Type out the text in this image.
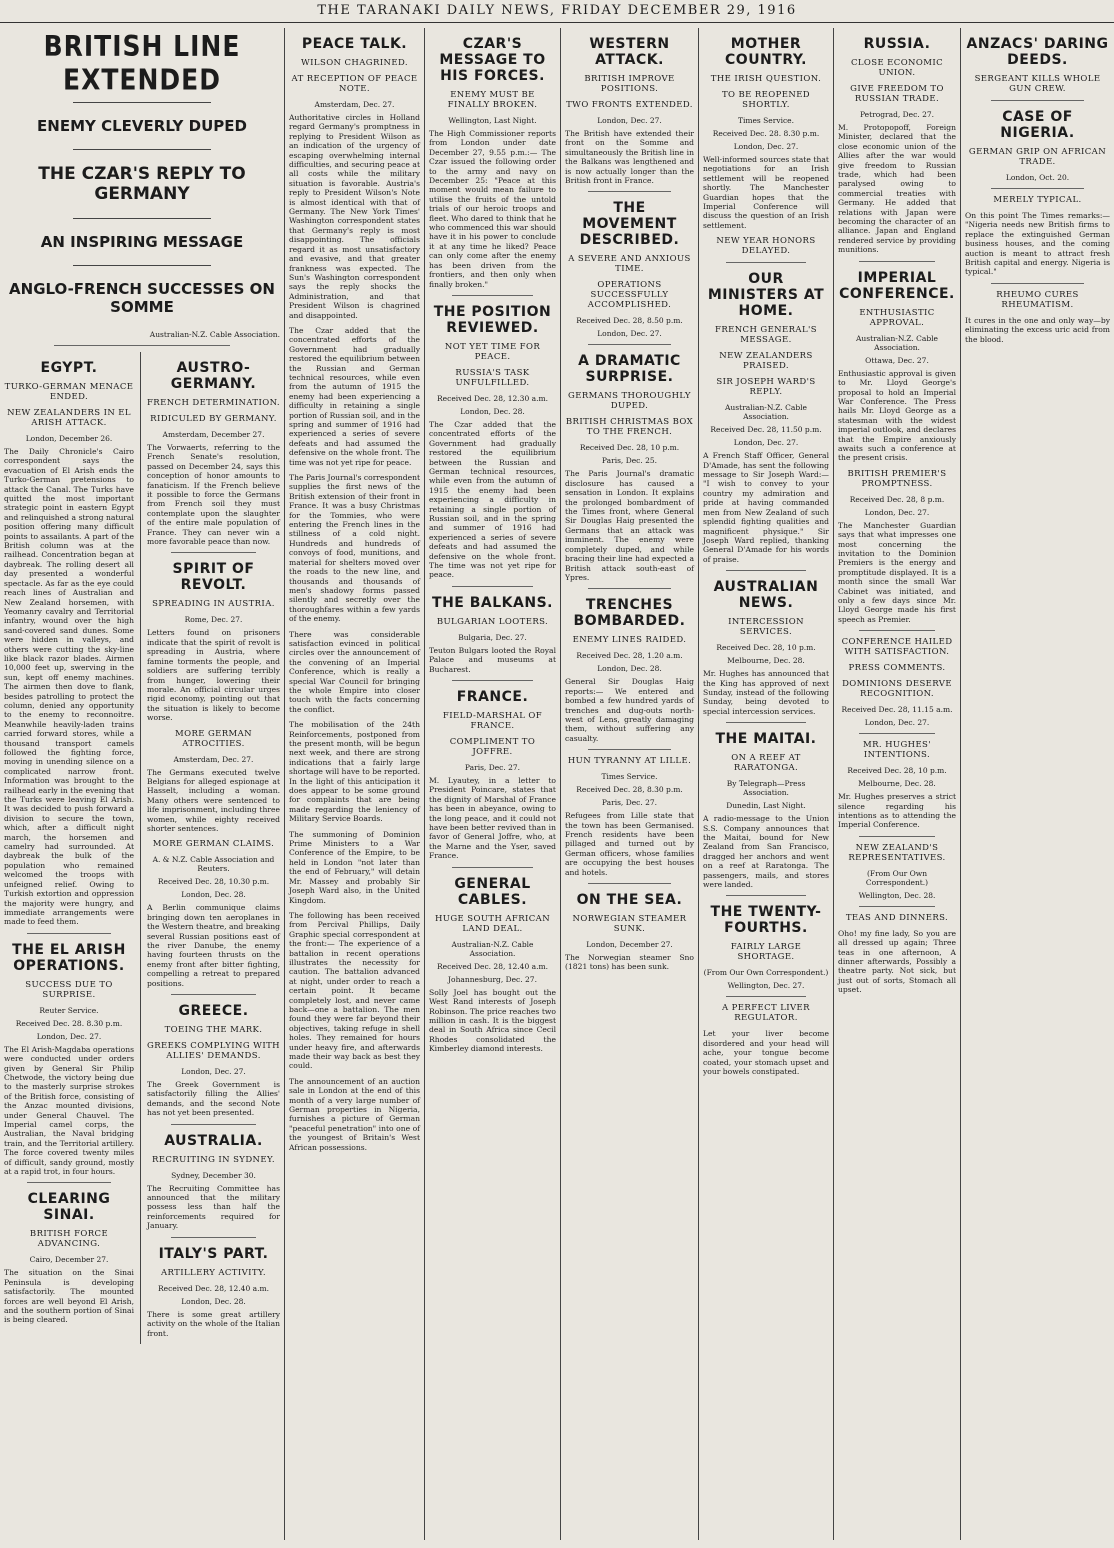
THE TARANAKI DAILY NEWS, FRIDAY DECEMBER 29, 1916
BRITISH LINE EXTENDED
ENEMY CLEVERLY DUPED
THE CZAR'S REPLY TO GERMANY
AN INSPIRING MESSAGE
ANGLO-FRENCH SUCCESSES ON SOMME
Australian-N.Z. Cable Association.
EGYPT.
TURKO-GERMAN MENACE ENDED.
NEW ZEALANDERS IN EL ARISH ATTACK.
London, December 26.
The Daily Chronicle's Cairo correspondent says the evacuation of El Arish ends the Turko-German pretensions to attack the Canal. The Turks have quitted the most important strategic point in eastern Egypt and relinquished a strong natural position offering many difficult points to assailants. A part of the British column was at the railhead. Concentration began at daybreak. The rolling desert all day presented a wonderful spectacle. As far as the eye could reach lines of Australian and New Zealand horsemen, with Yeomanry cavalry and Territorial infantry, wound over the high sand-covered sand dunes. Some were hidden in valleys, and others were cutting the sky-line like black razor blades. Airmen 10,000 feet up, swerving in the sun, kept off enemy machines. The airmen then dove to flank, besides patrolling to protect the column, denied any opportunity to the enemy to reconnoitre. Meanwhile heavily-laden trains carried forward stores, while a thousand transport camels followed the fighting force, moving in unending silence on a complicated narrow front. Information was brought to the railhead early in the evening that the Turks were leaving El Arish. It was decided to push forward a division to secure the town, which, after a difficult night march, the horsemen and camelry had surrounded. At daybreak the bulk of the population who remained welcomed the troops with unfeigned relief. Owing to Turkish extortion and oppression the majority were hungry, and immediate arrangements were made to feed them.
THE EL ARISH OPERATIONS.
SUCCESS DUE TO SURPRISE.
Reuter Service.
Received Dec. 28. 8.30 p.m.
London, Dec. 27.
The El Arish-Magdaba operations were conducted under orders given by General Sir Philip Chetwode, the victory being due to the masterly surprise strokes of the British force, consisting of the Anzac mounted divisions, under General Chauvel. The Imperial camel corps, the Australian, the Naval bridging train, and the Territorial artillery. The force covered twenty miles of difficult, sandy ground, mostly at a rapid trot, in four hours.
CLEARING SINAI.
BRITISH FORCE ADVANCING.
Cairo, December 27.
The situation on the Sinai Peninsula is developing satisfactorily. The mounted forces are well beyond El Arish, and the southern portion of Sinai is being cleared.
AUSTRO-GERMANY.
FRENCH DETERMINATION.
RIDICULED BY GERMANY.
Amsterdam, December 27.
The Vorwaerts, referring to the French Senate's resolution, passed on December 24, says this conception of honor amounts to fanaticism. If the French believe it possible to force the Germans from French soil they must contemplate upon the slaughter of the entire male population of France. They can never win a more favorable peace than now.
SPIRIT OF REVOLT.
SPREADING IN AUSTRIA.
Rome, Dec. 27.
Letters found on prisoners indicate that the spirit of revolt is spreading in Austria, where famine torments the people, and soldiers are suffering terribly from hunger, lowering their morale. An official circular urges rigid economy, pointing out that the situation is likely to become worse.
MORE GERMAN ATROCITIES.
Amsterdam, Dec. 27.
The Germans executed twelve Belgians for alleged espionage at Hasselt, including a woman. Many others were sentenced to life imprisonment, including three women, while eighty received shorter sentences.
MORE GERMAN CLAIMS.
A. & N.Z. Cable Association and Reuters.
Received Dec. 28, 10.30 p.m.
London, Dec. 28.
A Berlin communique claims bringing down ten aeroplanes in the Western theatre, and breaking several Russian positions east of the river Danube, the enemy having fourteen thrusts on the enemy front after bitter fighting, compelling a retreat to prepared positions.
GREECE.
TOEING THE MARK.
GREEKS COMPLYING WITH ALLIES' DEMANDS.
London, Dec. 27.
The Greek Government is satisfactorily filling the Allies' demands, and the second Note has not yet been presented.
AUSTRALIA.
RECRUITING IN SYDNEY.
Sydney, December 30.
The Recruiting Committee has announced that the military possess less than half the reinforcements required for January.
ITALY'S PART.
ARTILLERY ACTIVITY.
Received Dec. 28, 12.40 a.m.
London, Dec. 28.
There is some great artillery activity on the whole of the Italian front.
PEACE TALK.
WILSON CHAGRINED.
AT RECEPTION OF PEACE NOTE.
Amsterdam, Dec. 27.
Authoritative circles in Holland regard Germany's promptness in replying to President Wilson as an indication of the urgency of escaping overwhelming internal difficulties, and securing peace at all costs while the military situation is favorable. Austria's reply to President Wilson's Note is almost identical with that of Germany. The New York Times' Washington correspondent states that Germany's reply is most disappointing. The officials regard it as most unsatisfactory and evasive, and that greater frankness was expected. The Sun's Washington correspondent says the reply shocks the Administration, and that President Wilson is chagrined and disappointed.
The Czar added that the concentrated efforts of the Government had gradually restored the equilibrium between the Russian and German technical resources, while even from the autumn of 1915 the enemy had been experiencing a difficulty in retaining a single portion of Russian soil, and in the spring and summer of 1916 had experienced a series of severe defeats and had assumed the defensive on the whole front. The time was not yet ripe for peace.
The Paris Journal's correspondent supplies the first news of the British extension of their front in France. It was a busy Christmas for the Tommies, who were entering the French lines in the stillness of a cold night. Hundreds and hundreds of convoys of food, munitions, and material for shelters moved over the roads to the new line, and thousands and thousands of men's shadowy forms passed silently and secretly over the thoroughfares within a few yards of the enemy.
There was considerable satisfaction evinced in political circles over the announcement of the convening of an Imperial Conference, which is really a special War Council for bringing the whole Empire into closer touch with the facts concerning the conflict.
The mobilisation of the 24th Reinforcements, postponed from the present month, will be begun next week, and there are strong indications that a fairly large shortage will have to be reported. In the light of this anticipation it does appear to be some ground for complaints that are being made regarding the leniency of Military Service Boards.
The summoning of Dominion Prime Ministers to a War Conference of the Empire, to be held in London "not later than the end of February," will detain Mr. Massey and probably Sir Joseph Ward also, in the United Kingdom.
The following has been received from Percival Phillips, Daily Graphic special correspondent at the front:— The experience of a battalion in recent operations illustrates the necessity for caution. The battalion advanced at night, under order to reach a certain point. It became completely lost, and never came back—one a battalion. The men found they were far beyond their objectives, taking refuge in shell holes. They remained for hours under heavy fire, and afterwards made their way back as best they could.
The announcement of an auction sale in London at the end of this month of a very large number of German properties in Nigeria, furnishes a picture of German "peaceful penetration" into one of the youngest of Britain's West African possessions.
CZAR'S MESSAGE TO HIS FORCES.
ENEMY MUST BE FINALLY BROKEN.
Wellington, Last Night.
The High Commissioner reports from London under date December 27, 9.55 p.m.:— The Czar issued the following order to the army and navy on December 25: "Peace at this moment would mean failure to utilise the fruits of the untold trials of our heroic troops and fleet. Who dared to think that he who commenced this war should have it in his power to conclude it at any time he liked? Peace can only come after the enemy has been driven from the frontiers, and then only when finally broken."
THE POSITION REVIEWED.
NOT YET TIME FOR PEACE.
RUSSIA'S TASK UNFULFILLED.
Received Dec. 28, 12.30 a.m.
London, Dec. 28.
The Czar added that the concentrated efforts of the Government had gradually restored the equilibrium between the Russian and German technical resources, while even from the autumn of 1915 the enemy had been experiencing a difficulty in retaining a single portion of Russian soil, and in the spring and summer of 1916 had experienced a series of severe defeats and had assumed the defensive on the whole front. The time was not yet ripe for peace.
THE BALKANS.
BULGARIAN LOOTERS.
Bulgaria, Dec. 27.
Teuton Bulgars looted the Royal Palace and museums at Bucharest.
FRANCE.
FIELD-MARSHAL OF FRANCE.
COMPLIMENT TO JOFFRE.
Paris, Dec. 27.
M. Lyautey, in a letter to President Poincare, states that the dignity of Marshal of France has been in abeyance, owing to the long peace, and it could not have been better revived than in favor of General Joffre, who, at the Marne and the Yser, saved France.
GENERAL CABLES.
HUGE SOUTH AFRICAN LAND DEAL.
Australian-N.Z. Cable Association.
Received Dec. 28, 12.40 a.m.
Johannesburg, Dec. 27.
Solly Joel has bought out the West Rand interests of Joseph Robinson. The price reaches two million in cash. It is the biggest deal in South Africa since Cecil Rhodes consolidated the Kimberley diamond interests.
WESTERN ATTACK.
BRITISH IMPROVE POSITIONS.
TWO FRONTS EXTENDED.
London, Dec. 27.
The British have extended their front on the Somme and simultaneously the British line in the Balkans was lengthened and is now actually longer than the British front in France.
THE MOVEMENT DESCRIBED.
A SEVERE AND ANXIOUS TIME.
OPERATIONS SUCCESSFULLY ACCOMPLISHED.
Received Dec. 28, 8.50 p.m.
London, Dec. 27.
A DRAMATIC SURPRISE.
GERMANS THOROUGHLY DUPED.
BRITISH CHRISTMAS BOX TO THE FRENCH.
Received Dec. 28, 10 p.m.
Paris, Dec. 25.
The Paris Journal's dramatic disclosure has caused a sensation in London. It explains the prolonged bombardment of the Times front, where General Sir Douglas Haig presented the Germans that an attack was imminent. The enemy were completely duped, and while bracing their line had expected a British attack south-east of Ypres.
TRENCHES BOMBARDED.
ENEMY LINES RAIDED.
Received Dec. 28, 1.20 a.m.
London, Dec. 28.
General Sir Douglas Haig reports:— We entered and bombed a few hundred yards of trenches and dug-outs north-west of Lens, greatly damaging them, without suffering any casualty.
HUN TYRANNY AT LILLE.
Times Service.
Received Dec. 28, 8.30 p.m.
Paris, Dec. 27.
Refugees from Lille state that the town has been Germanised. French residents have been pillaged and turned out by German officers, whose families are occupying the best houses and hotels.
ON THE SEA.
NORWEGIAN STEAMER SUNK.
London, December 27.
The Norwegian steamer Sno (1821 tons) has been sunk.
MOTHER COUNTRY.
THE IRISH QUESTION.
TO BE REOPENED SHORTLY.
Times Service.
Received Dec. 28. 8.30 p.m.
London, Dec. 27.
Well-informed sources state that negotiations for an Irish settlement will be reopened shortly. The Manchester Guardian hopes that the Imperial Conference will discuss the question of an Irish settlement.
NEW YEAR HONORS DELAYED.
OUR MINISTERS AT HOME.
FRENCH GENERAL'S MESSAGE.
NEW ZEALANDERS PRAISED.
SIR JOSEPH WARD'S REPLY.
Australian-N.Z. Cable Association.
Received Dec. 28, 11.50 p.m.
London, Dec. 27.
A French Staff Officer, General D'Amade, has sent the following message to Sir Joseph Ward:— "I wish to convey to your country my admiration and pride at having commanded men from New Zealand of such splendid fighting qualities and magnificent physique." Sir Joseph Ward replied, thanking General D'Amade for his words of praise.
AUSTRALIAN NEWS.
INTERCESSION SERVICES.
Received Dec. 28, 10 p.m.
Melbourne, Dec. 28.
Mr. Hughes has announced that the King has approved of next Sunday, instead of the following Sunday, being devoted to special intercession services.
THE MAITAI.
ON A REEF AT RARATONGA.
By Telegraph—Press Association.
Dunedin, Last Night.
A radio-message to the Union S.S. Company announces that the Maitai, bound for New Zealand from San Francisco, dragged her anchors and went on a reef at Raratonga. The passengers, mails, and stores were landed.
THE TWENTY-FOURTHS.
FAIRLY LARGE SHORTAGE.
(From Our Own Correspondent.)
Wellington, Dec. 27.
A PERFECT LIVER REGULATOR.
Let your liver become disordered and your head will ache, your tongue become coated, your stomach upset and your bowels constipated.
RUSSIA.
CLOSE ECONOMIC UNION.
GIVE FREEDOM TO RUSSIAN TRADE.
Petrograd, Dec. 27.
M. Protopopoff, Foreign Minister, declared that the close economic union of the Allies after the war would give freedom to Russian trade, which had been paralysed owing to commercial treaties with Germany. He added that relations with Japan were becoming the character of an alliance. Japan and England rendered service by providing munitions.
IMPERIAL CONFERENCE.
ENTHUSIASTIC APPROVAL.
Australian-N.Z. Cable Association.
Ottawa, Dec. 27.
Enthusiastic approval is given to Mr. Lloyd George's proposal to hold an Imperial War Conference. The Press hails Mr. Lloyd George as a statesman with the widest imperial outlook, and declares that the Empire anxiously awaits such a conference at the present crisis.
BRITISH PREMIER'S PROMPTNESS.
Received Dec. 28, 8 p.m.
London, Dec. 27.
The Manchester Guardian says that what impresses one most concerning the invitation to the Dominion Premiers is the energy and promptitude displayed. It is a month since the small War Cabinet was initiated, and only a few days since Mr. Lloyd George made his first speech as Premier.
CONFERENCE HAILED WITH SATISFACTION.
PRESS COMMENTS.
DOMINIONS DESERVE RECOGNITION.
Received Dec. 28, 11.15 a.m.
London, Dec. 27.
MR. HUGHES' INTENTIONS.
Received Dec. 28, 10 p.m.
Melbourne, Dec. 28.
Mr. Hughes preserves a strict silence regarding his intentions as to attending the Imperial Conference.
NEW ZEALAND'S REPRESENTATIVES.
(From Our Own Correspondent.)
Wellington, Dec. 28.
TEAS AND DINNERS.
Oho! my fine lady, So you are all dressed up again; Three teas in one afternoon, A dinner afterwards, Possibly a theatre party. Not sick, but just out of sorts, Stomach all upset.
ANZACS' DARING DEEDS.
SERGEANT KILLS WHOLE GUN CREW.
CASE OF NIGERIA.
GERMAN GRIP ON AFRICAN TRADE.
London, Oct. 20.
MERELY TYPICAL.
On this point The Times remarks:— "Nigeria needs new British firms to replace the extinguished German business houses, and the coming auction is meant to attract fresh British capital and energy. Nigeria is typical."
RHEUMO CURES RHEUMATISM.
It cures in the one and only way—by eliminating the excess uric acid from the blood.
